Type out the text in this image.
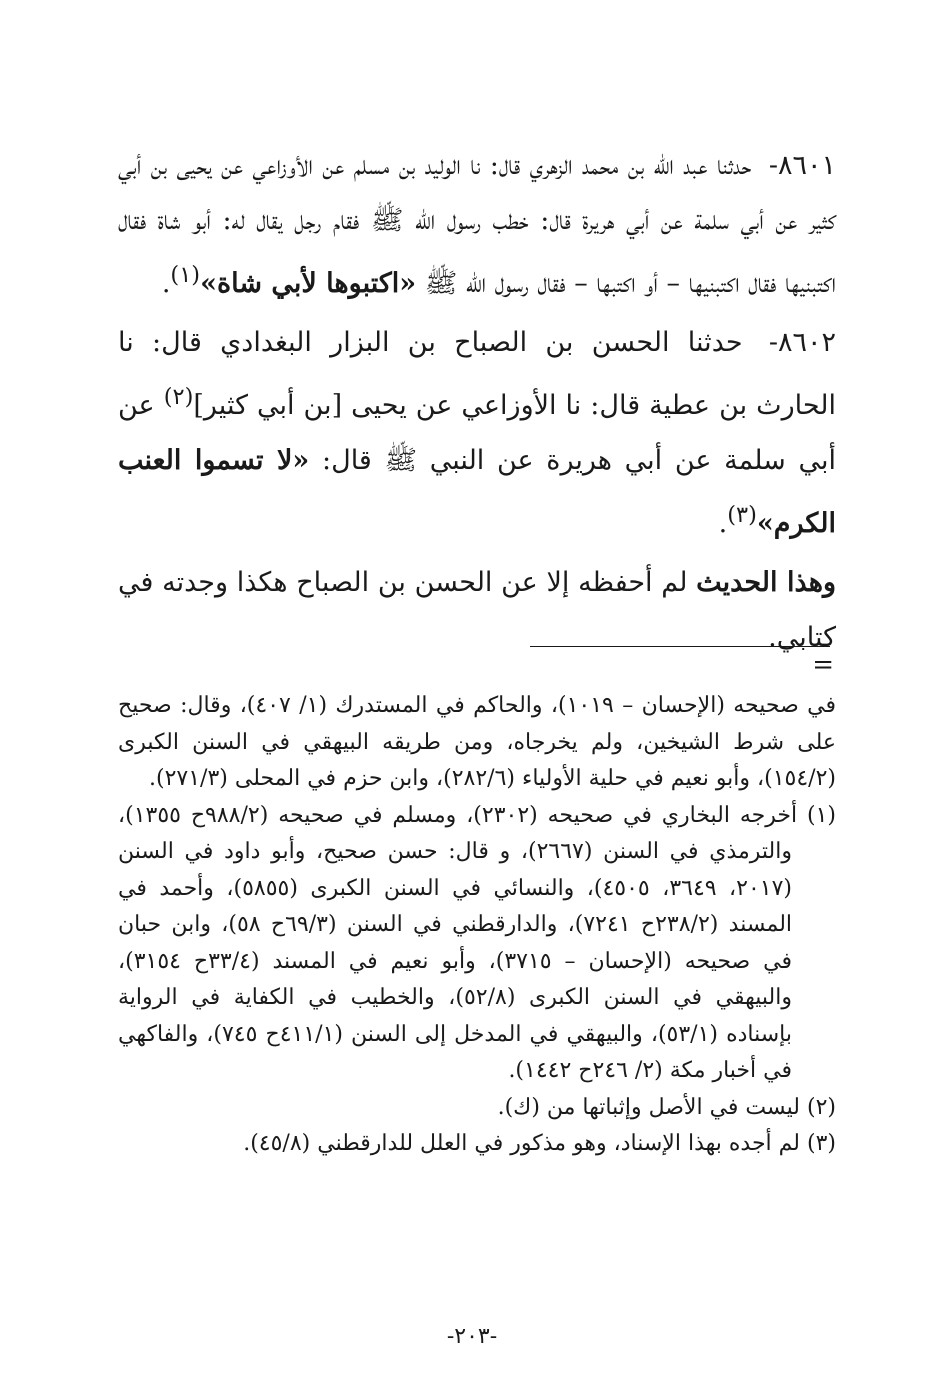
٨٦٠١- حدثنا عبد الله بن محمد الزهري قال: نا الوليد بن مسلم عن الأوزاعي عن يحيى بن أبي كثير عن أبي سلمة عن أبي هريرة قال: خطب رسول الله ﷺ فقام رجل يقال له: أبو شاة فقال اكتبنيها فقال اكتبنيها – أو اكتبها – فقال رسول الله ﷺ «اكتبوها لأبي شاة»$^{(١)}$.

٨٦٠٢- حدثنا الحسن بن الصباح بن البزار البغدادي قال: نا الحارث بن عطية قال: نا الأوزاعي عن يحيى [بن أبي كثير]$^{(٢)}$ عن أبي سلمة عن أبي هريرة عن النبي ﷺ قال: «لا تسموا العنب الكرم»$^{(٣)}$.

وهذا الحديث لم أحفظه إلا عن الحسن بن الصباح هكذا وجدته في كتابي.

=

في صحيحه (الإحسان – ١٠١٩)، والحاكم في المستدرك (١/ ٤٠٧)، وقال: صحيح على شرط الشيخين، ولم يخرجاه، ومن طريقه البيهقي في السنن الكبرى (١٥٤/٢)، وأبو نعيم في حلية الأولياء (٢٨٢/٦)، وابن حزم في المحلى (٢٧١/٣).

(١) أخرجه البخاري في صحيحه (٢٣٠٢)، ومسلم في صحيحه (٩٨٨/٢ح ١٣٥٥)، والترمذي في السنن (٢٦٦٧)، و قال: حسن صحيح، وأبو داود في السنن (٢٠١٧، ٣٦٤٩، ٤٥٠٥)، والنسائي في السنن الكبرى (٥٨٥٥)، وأحمد في المسند (٢٣٨/٢ح ٧٢٤١)، والدارقطني في السنن (٦٩/٣ح ٥٨)، وابن حبان في صحيحه (الإحسان – ٣٧١٥)، وأبو نعيم في المسند (٣٣/٤ح ٣١٥٤)، والبيهقي في السنن الكبرى (٥٢/٨)، والخطيب في الكفاية في الرواية بإسناده (٥٣/١)، والبيهقي في المدخل إلى السنن (٤١١/١ح ٧٤٥)، والفاكهي في أخبار مكة (٢/ ٢٤٦ح ١٤٤٢).

(٢) ليست في الأصل وإثباتها من (ك).

(٣) لم أجده بهذا الإسناد، وهو مذكور في العلل للدارقطني (٤٥/٨).

-٢٠٣-
